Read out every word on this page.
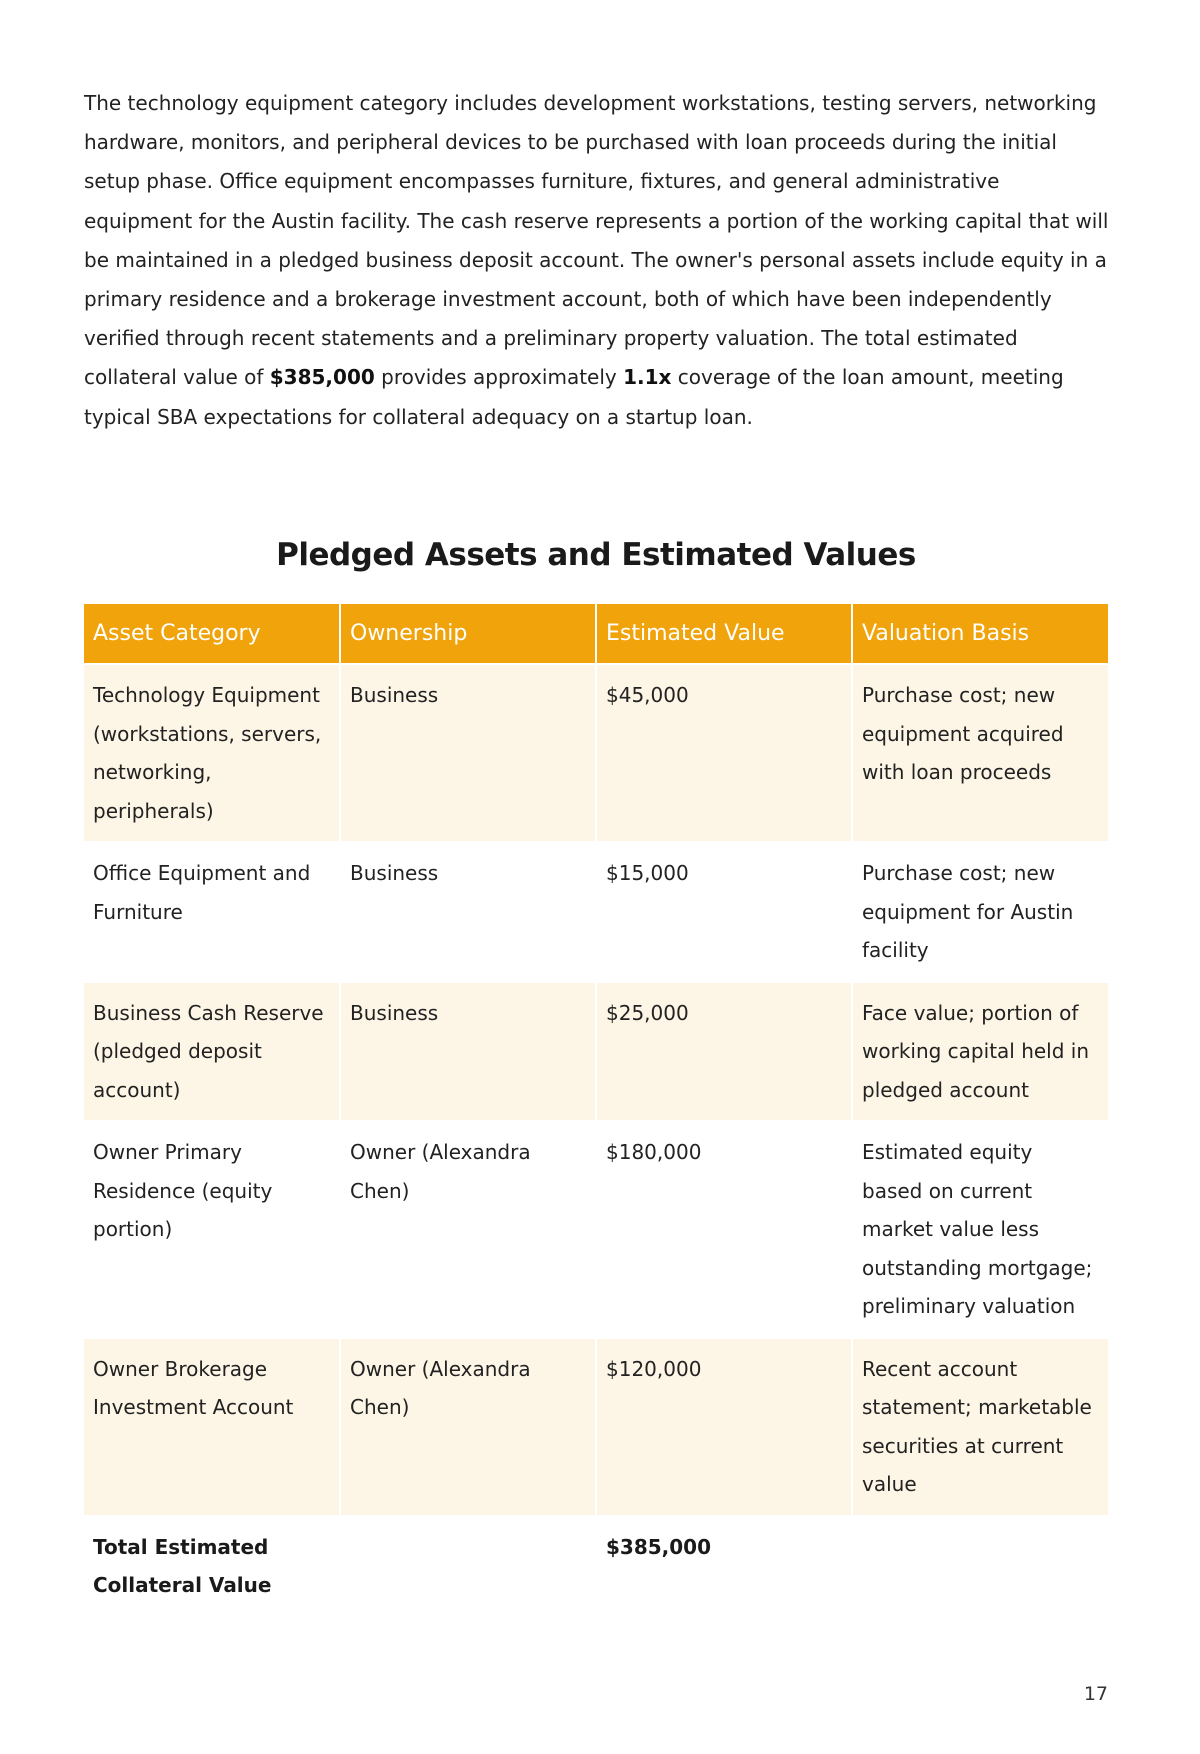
The technology equipment category includes development workstations, testing servers, networking hardware, monitors, and peripheral devices to be purchased with loan proceeds during the initial setup phase. Office equipment encompasses furniture, fixtures, and general administrative equipment for the Austin facility. The cash reserve represents a portion of the working capital that will be maintained in a pledged business deposit account. The owner's personal assets include equity in a primary residence and a brokerage investment account, both of which have been independently verified through recent statements and a preliminary property valuation. The total estimated collateral value of $385,000 provides approximately 1.1x coverage of the loan amount, meeting typical SBA expectations for collateral adequacy on a startup loan.

Pledged Assets and Estimated Values
Asset Category	Ownership	Estimated Value	Valuation Basis
Technology Equipment (workstations, servers, networking, peripherals)	Business	$45,000	Purchase cost; new equipment acquired with loan proceeds
Office Equipment and Furniture	Business	$15,000	Purchase cost; new equipment for Austin facility
Business Cash Reserve (pledged deposit account)	Business	$25,000	Face value; portion of working capital held in pledged account
Owner Primary Residence (equity portion)	Owner (Alexandra Chen)	$180,000	Estimated equity based on current market value less outstanding mortgage; preliminary valuation
Owner Brokerage Investment Account	Owner (Alexandra Chen)	$120,000	Recent account statement; marketable securities at current value
Total Estimated Collateral Value		$385,000	
17
